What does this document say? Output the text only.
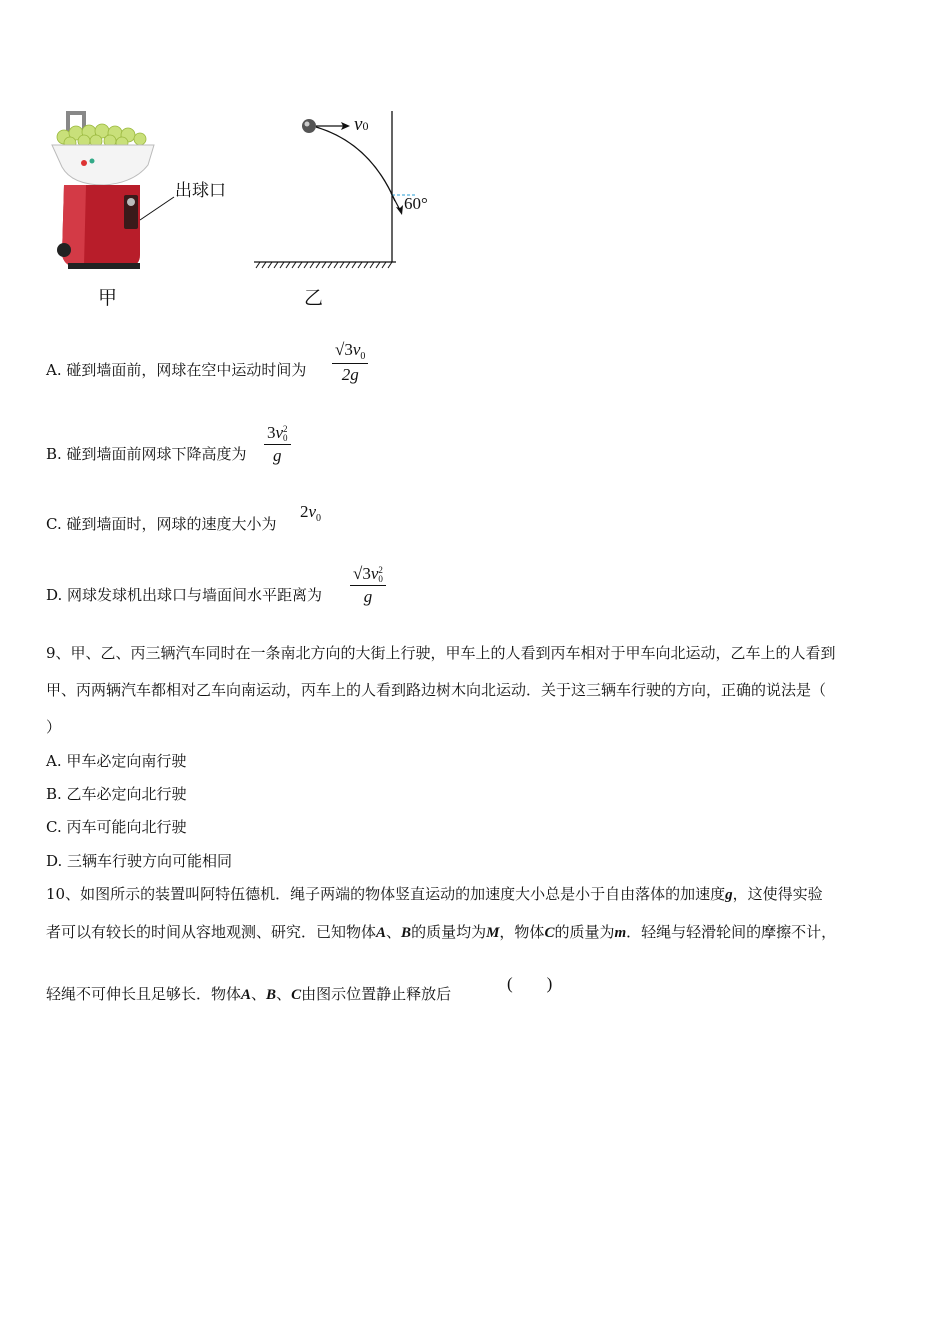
出球口
甲
v0
60°
乙
A. 碰到墙面前，网球在空中运动时间为 $\frac{√3v_0}{2g}$
B. 碰到墙面前网球下降高度为 3v 2
0
g
C. 碰到墙面时，网球的速度大小为
$2v_0$
D. 网球发球机出球口与墙面间水平距离为 √3v 2
0
g
9、甲、乙、丙三辆汽车同时在一条南北方向的大街上行驶，甲车上的人看到丙车相对于甲车向北运动，乙车上的人看到
甲、丙两辆汽车都相对乙车向南运动，丙车上的人看到路边树木向北运动．关于这三辆车行驶的方向，正确的说法是（
）
A. 甲车必定向南行驶
B. 乙车必定向北行驶
C. 丙车可能向北行驶
D. 三辆车行驶方向可能相同
10、如图所示的装置叫阿特伍德机．绳子两端的物体竖直运动的加速度大小总是小于自由落体的加速度g，这使得实验
者可以有较长的时间从容地观测、研究．已知物体A、B的质量均为M，物体C的质量为m．轻绳与轻滑轮间的摩擦不计，
轻绳不可伸长且足够长．物体A、B、C由图示位置静止释放后
(　　)
